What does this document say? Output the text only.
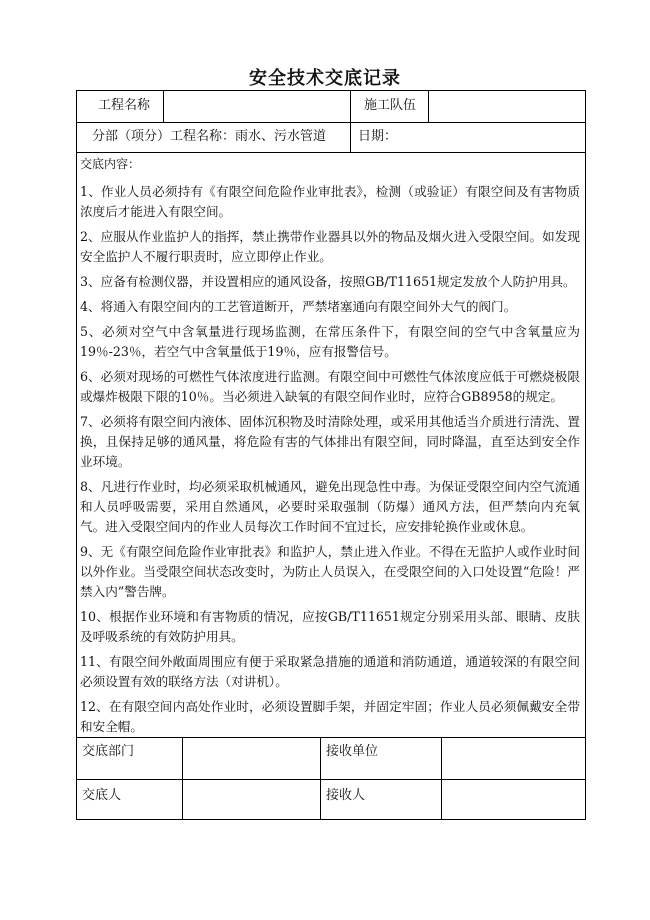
安全技术交底记录
工程名称	施工队伍
分部（项分）工程名称：雨水、污水管道 日期：

交底内容：

1、作业人员必须持有《有限空间危险作业审批表》，检测（或验证）有限空间及有害物质浓度后才能进入有限空间。

2、应服从作业监护人的指挥，禁止携带作业器具以外的物品及烟火进入受限空间。如发现安全监护人不履行职责时，应立即停止作业。

3、应备有检测仪器，并设置相应的通风设备，按照GB/T11651规定发放个人防护用具。

4、将通入有限空间内的工艺管道断开，严禁堵塞通向有限空间外大气的阀门。

5、必须对空气中含氧量进行现场监测，在常压条件下，有限空间的空气中含氧量应为19％-23％，若空气中含氧量低于19％，应有报警信号。

6、必须对现场的可燃性气体浓度进行监测。有限空间中可燃性气体浓度应低于可燃烧极限或爆炸极限下限的10％。当必须进入缺氧的有限空间作业时，应符合GB8958的规定。

7、必须将有限空间内液体、固体沉积物及时清除处理，或采用其他适当介质进行清洗、置换，且保持足够的通风量，将危险有害的气体排出有限空间，同时降温，直至达到安全作业环境。

8、凡进行作业时，均必须采取机械通风，避免出现急性中毒。为保证受限空间内空气流通和人员呼吸需要，采用自然通风，必要时采取强制（防爆）通风方法，但严禁向内充氧气。进入受限空间内的作业人员每次工作时间不宜过长，应安排轮换作业或休息。

9、无《有限空间危险作业审批表》和监护人，禁止进入作业。不得在无监护人或作业时间以外作业。当受限空间状态改变时，为防止人员误入，在受限空间的入口处设置“危险！严禁入内”警告牌。

10、根据作业环境和有害物质的情况，应按GB/T11651规定分别采用头部、眼睛、皮肤及呼吸系统的有效防护用具。

11、有限空间外敞面周围应有便于采取紧急措施的通道和消防通道，通道较深的有限空间必须设置有效的联络方法（对讲机）。

12、在有限空间内高处作业时，必须设置脚手架，并固定牢固；作业人员必须佩戴安全带和安全帽。

交底部门	接收单位
交底人	接收人
